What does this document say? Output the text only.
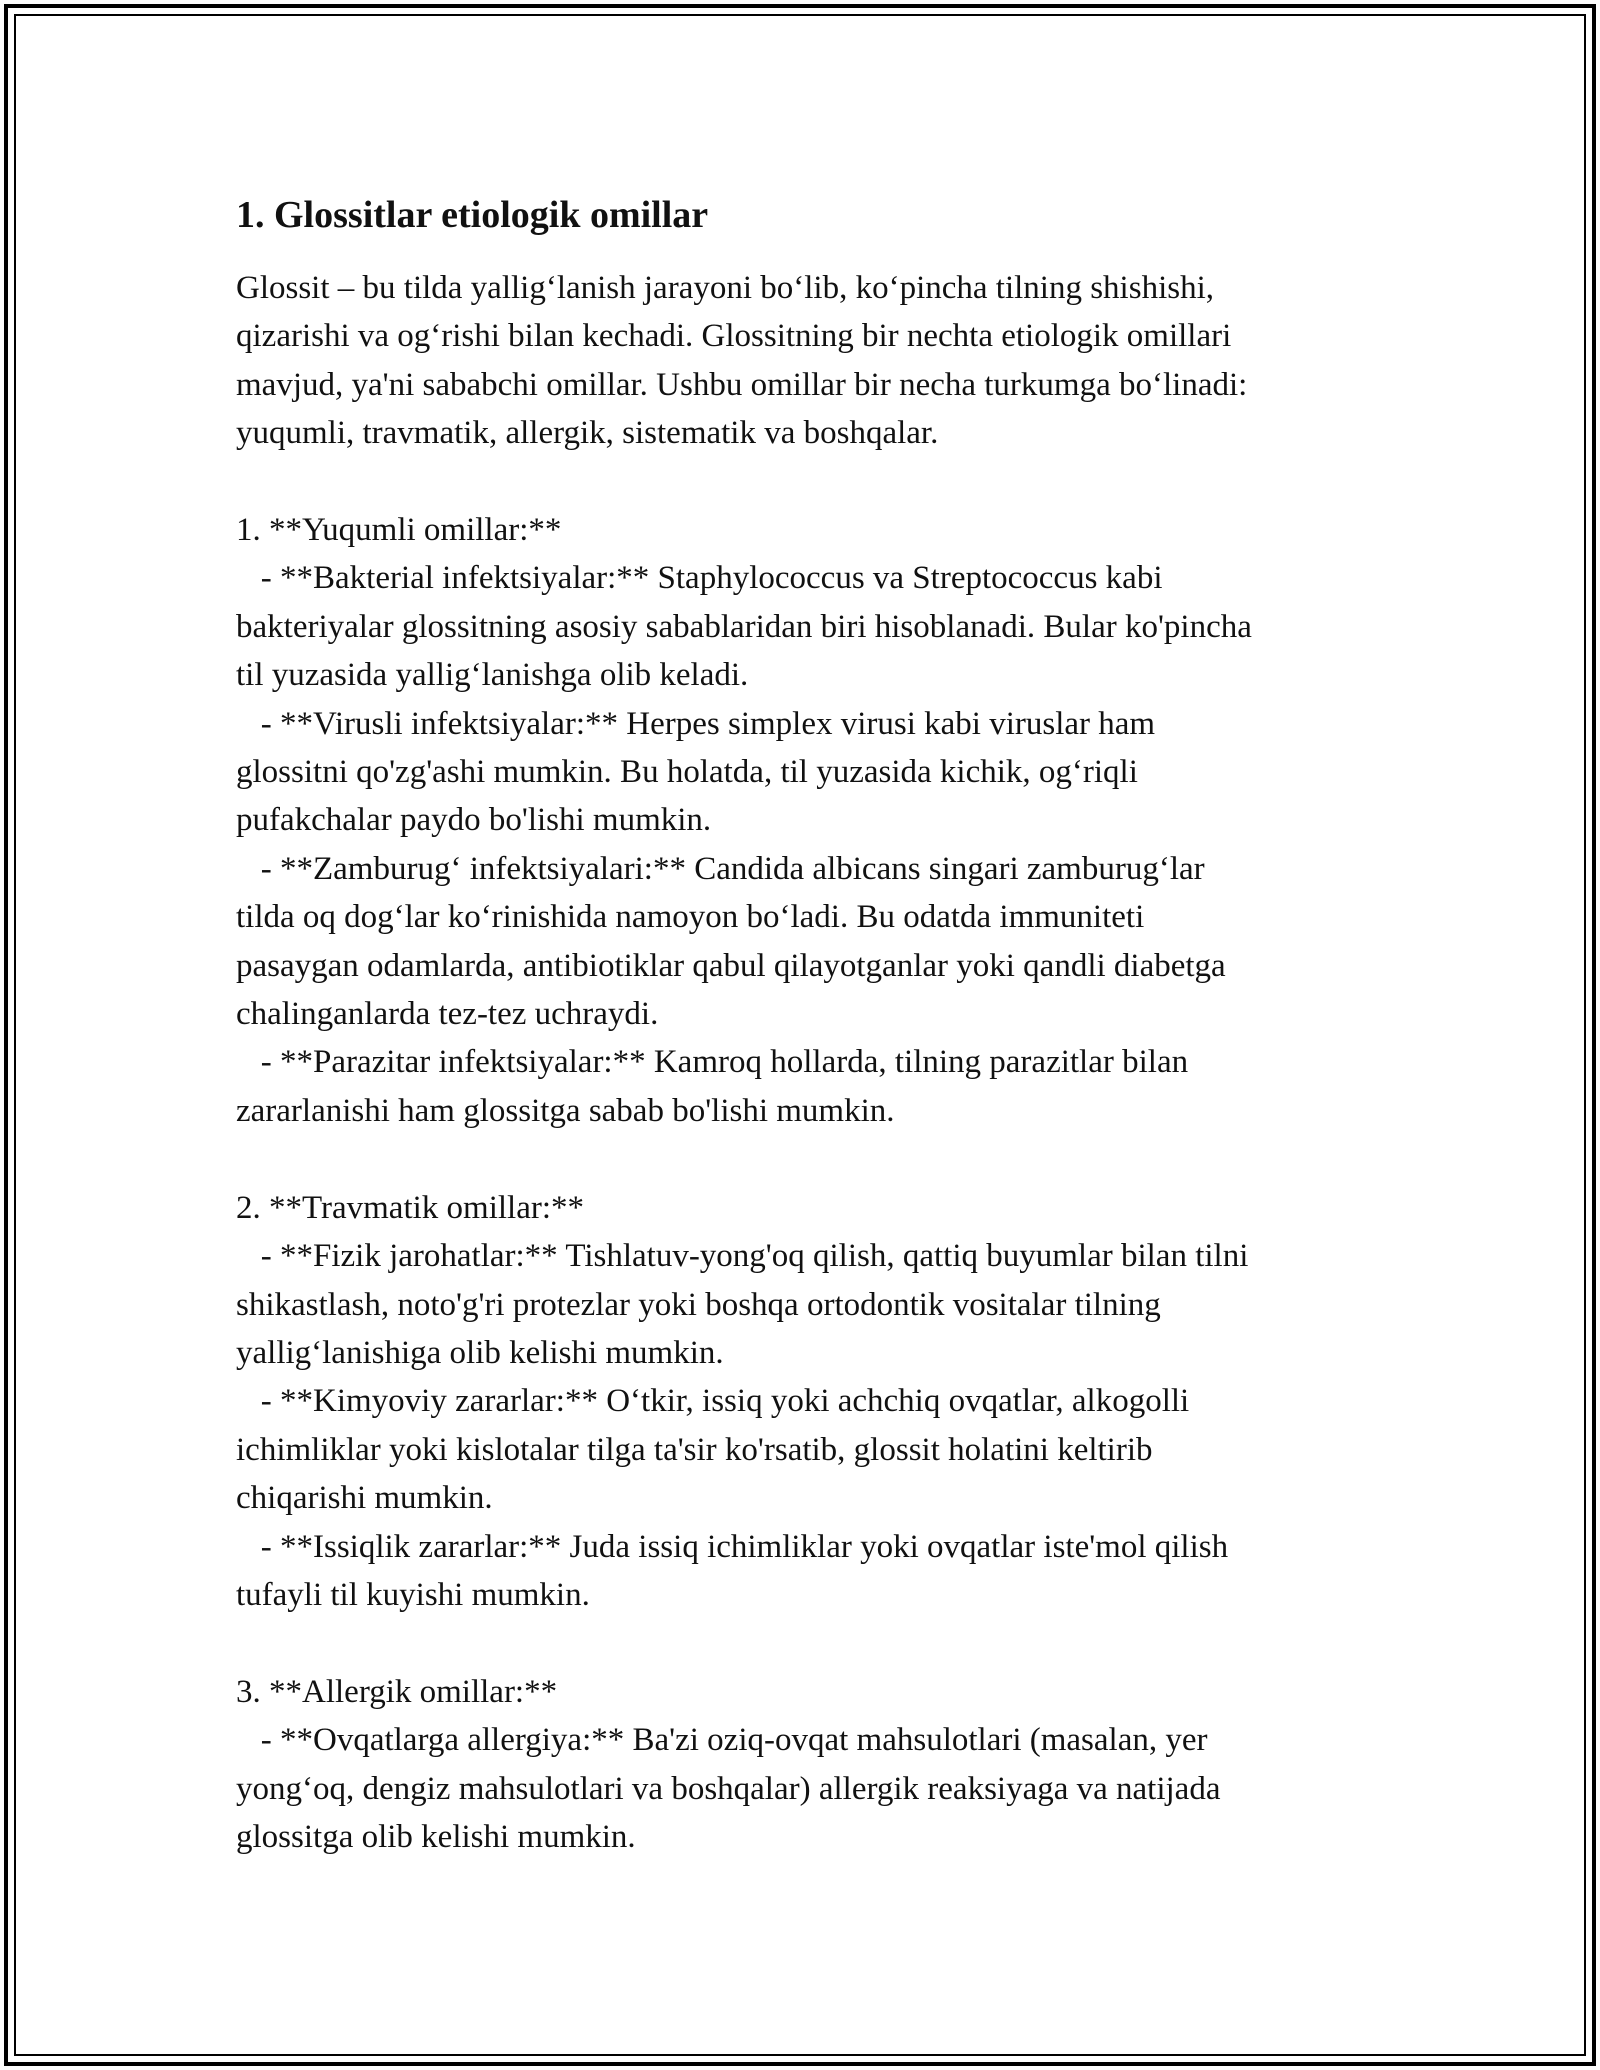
1. Glossitlar etiologik omillar
Glossit – bu tilda yallig‘lanish jarayoni bo‘lib, ko‘pincha tilning shishishi,
qizarishi va og‘rishi bilan kechadi. Glossitning bir nechta etiologik omillari
mavjud, ya'ni sababchi omillar. Ushbu omillar bir necha turkumga bo‘linadi:
yuqumli, travmatik, allergik, sistematik va boshqalar.
1. **Yuqumli omillar:**
- **Bakterial infektsiyalar:** Staphylococcus va Streptococcus kabi
bakteriyalar glossitning asosiy sabablaridan biri hisoblanadi. Bular ko'pincha
til yuzasida yallig‘lanishga olib keladi.
- **Virusli infektsiyalar:** Herpes simplex virusi kabi viruslar ham
glossitni qo'zg'ashi mumkin. Bu holatda, til yuzasida kichik, og‘riqli
pufakchalar paydo bo'lishi mumkin.
- **Zamburug‘ infektsiyalari:** Candida albicans singari zamburug‘lar
tilda oq dog‘lar ko‘rinishida namoyon bo‘ladi. Bu odatda immuniteti
pasaygan odamlarda, antibiotiklar qabul qilayotganlar yoki qandli diabetga
chalinganlarda tez-tez uchraydi.
- **Parazitar infektsiyalar:** Kamroq hollarda, tilning parazitlar bilan
zararlanishi ham glossitga sabab bo'lishi mumkin.
2. **Travmatik omillar:**
- **Fizik jarohatlar:** Tishlatuv-yong'oq qilish, qattiq buyumlar bilan tilni
shikastlash, noto'g'ri protezlar yoki boshqa ortodontik vositalar tilning
yallig‘lanishiga olib kelishi mumkin.
- **Kimyoviy zararlar:** O‘tkir, issiq yoki achchiq ovqatlar, alkogolli
ichimliklar yoki kislotalar tilga ta'sir ko'rsatib, glossit holatini keltirib
chiqarishi mumkin.
- **Issiqlik zararlar:** Juda issiq ichimliklar yoki ovqatlar iste'mol qilish
tufayli til kuyishi mumkin.
3. **Allergik omillar:**
- **Ovqatlarga allergiya:** Ba'zi oziq-ovqat mahsulotlari (masalan, yer
yong‘oq, dengiz mahsulotlari va boshqalar) allergik reaksiyaga va natijada
glossitga olib kelishi mumkin.
